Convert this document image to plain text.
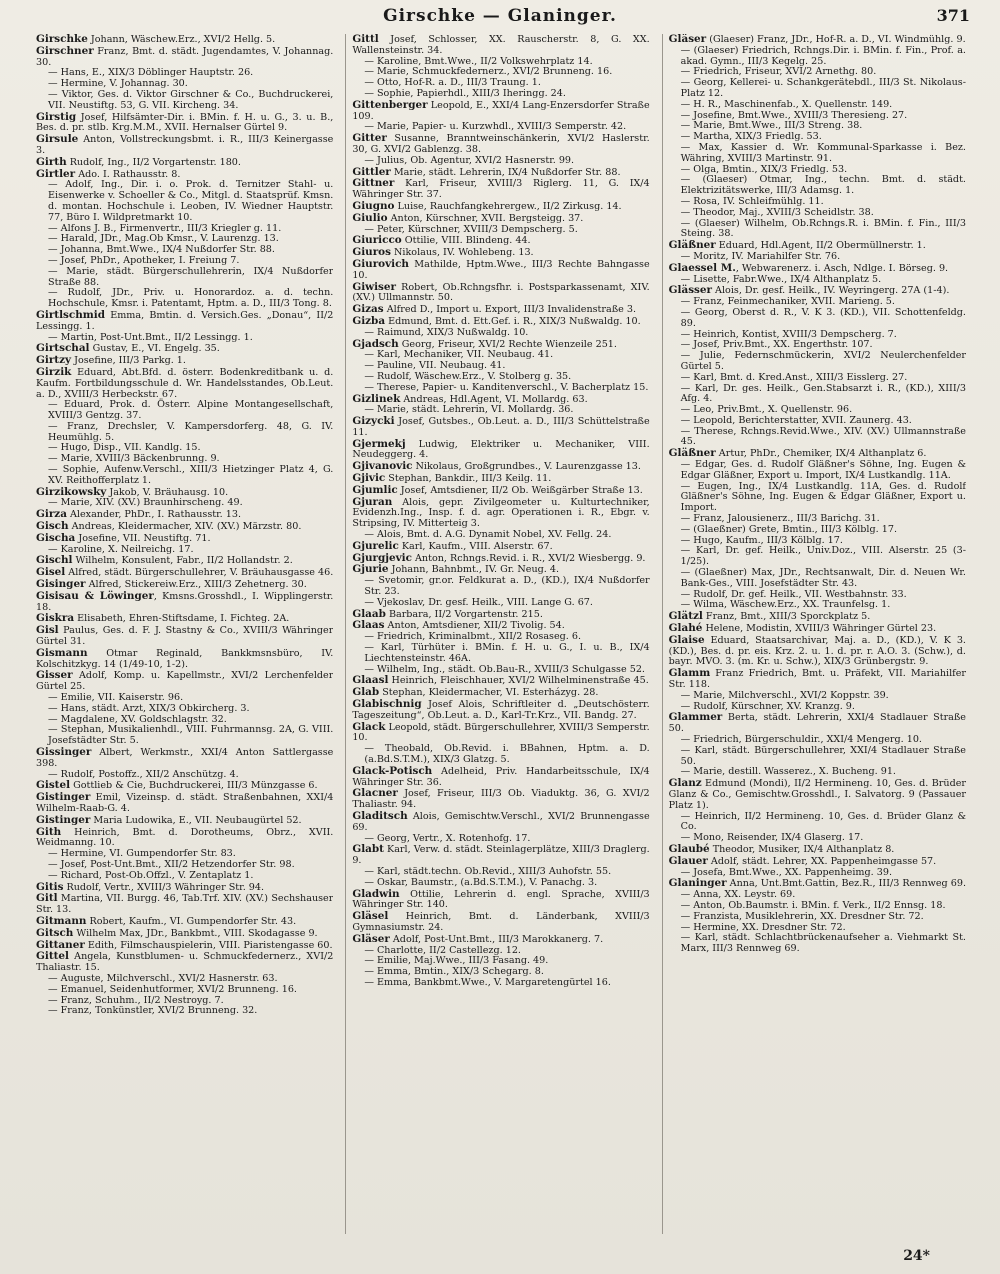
Girschke — Glaninger.	371

Girschke Johann, Wäschew.Erz., XVI/2 Hellg. 5.

Girschner Franz, Bmt. d. städt. Jugendamtes, V. Johannag. 30.

— Hans, E., XIX/3 Döblinger Hauptstr. 26.

— Hermine, V. Johannag. 30.

— Viktor, Ges. d. Viktor Girschner & Co., Buchdruckerei, VII. Neustiftg. 53, G. VII. Kircheng. 34.

Girstig Josef, Hilfsämter-Dir. i. BMin. f. H. u. G., 3. u. B., Bes. d. pr. stlb. Krg.M.M., XVII. Hernalser Gürtel 9.

Girsule Anton, Vollstreckungsbmt. i. R., III/3 Keinergasse 3.

Girth Rudolf, Ing., II/2 Vorgartenstr. 180.

Girtler Ado. I. Rathausstr. 8.

— Adolf, Ing., Dir. i. o. Prok. d. Ternitzer Stahl- u. Eisenwerke v. Schoeller & Co., Mitgl. d. Staatsprüf. Kmsn. d. montan. Hochschule i. Leoben, IV. Wiedner Hauptstr. 77, Büro I. Wildpretmarkt 10.

— Alfons J. B., Firmenvertr., III/3 Kriegler g. 11.

— Harald, JDr., Mag.Ob Kmsr., V. Laurenzg. 13.

— Johanna, Bmt.Wwe., IX/4 Nußdorfer Str. 88.

— Josef, PhDr., Apotheker, I. Freiung 7.

— Marie, städt. Bürgerschullehrerin, IX/4 Nußdorfer Straße 88.

— Rudolf, JDr., Priv. u. Honorardoz. a. d. techn. Hochschule, Kmsr. i. Patentamt, Hptm. a. D., III/3 Tong. 8.

Girtlschmid Emma, Bmtin. d. Versich.Ges. „Donau“, II/2 Lessingg. 1.

— Martin, Post-Unt.Bmt., II/2 Lessingg. 1.

Girtschal Gustav, E., VI. Engelg. 35.

Girtzy Josefine, III/3 Parkg. 1.

Girzik Eduard, Abt.Bfd. d. österr. Bodenkreditbank u. d. Kaufm. Fortbildungsschule d. Wr. Handelsstandes, Ob.Leut. a. D., XVIII/3 Herbeckstr. 67.

— Eduard, Prok. d. Österr. Alpine Montangesellschaft, XVIII/3 Gentzg. 37.

— Franz, Drechsler, V. Kampersdorferg. 48, G. IV. Heumühlg. 5.

— Hugo, Disp., VII. Kandlg. 15.

— Marie, XVIII/3 Bäckenbrunng. 9.

— Sophie, Aufenw.Verschl., XIII/3 Hietzinger Platz 4, G. XV. Reithofferplatz 1.

Girzikowsky Jakob, V. Bräuhausg. 10.

— Marie, XIV. (XV.) Braunhirscheng. 49.

Girza Alexander, PhDr., I. Rathausstr. 13.

Gisch Andreas, Kleidermacher, XIV. (XV.) Märzstr. 80.

Gischa Josefine, VII. Neustiftg. 71.

— Karoline, X. Neilreichg. 17.

Gischl Wilhelm, Konsulent, Fabr., II/2 Hollandstr. 2.

Gisel Alfred, städt. Bürgerschullehrer, V. Bräuhausgasse 46.

Gisinger Alfred, Stickereiw.Erz., XIII/3 Zehetnerg. 30.

Gisisau & Löwinger, Kmsns.Grosshdl., I. Wipplingerstr. 18.

Giskra Elisabeth, Ehren-Stiftsdame, I. Fichteg. 2A.

Gisl Paulus, Ges. d. F. J. Stastny & Co., XVIII/3 Währinger Gürtel 31.

Gismann Otmar Reginald, Bankkmsnsbüro, IV. Kolschitzkyg. 14 (1/49-10, 1-2).

Gisser Adolf, Komp. u. Kapellmstr., XVI/2 Lerchenfelder Gürtel 25.

— Emilie, VII. Kaiserstr. 96.

— Hans, städt. Arzt, XIX/3 Obkircherg. 3.

— Magdalene, XV. Goldschlagstr. 32.

— Stephan, Musikalienhdl., VIII. Fuhrmannsg. 2A, G. VIII. Josefstädter Str. 5.

Gissinger Albert, Werkmstr., XXI/4 Anton Sattlergasse 398.

— Rudolf, Postoffz., XII/2 Anschützg. 4.

Gistel Gottlieb & Cie, Buchdruckerei, III/3 Münzgasse 6.

Gistinger Emil, Vizeinsp. d. städt. Straßenbahnen, XXI/4 Wilhelm-Raab-G. 4.

Gistinger Maria Ludowika, E., VII. Neubaugürtel 52.

Gith Heinrich, Bmt. d. Dorotheums, Obrz., XVII. Weidmanng. 10.

— Hermine, VI. Gumpendorfer Str. 83.

— Josef, Post-Unt.Bmt., XII/2 Hetzendorfer Str. 98.

— Richard, Post-Ob.Offzl., V. Zentaplatz 1.

Gitis Rudolf, Vertr., XVIII/3 Währinger Str. 94.

Gitl Martina, VII. Burgg. 46, Tab.Trf. XIV. (XV.) Sechshauser Str. 13.

Gitmann Robert, Kaufm., VI. Gumpendorfer Str. 43.

Gitsch Wilhelm Max, JDr., Bankbmt., VIII. Skodagasse 9.

Gittaner Edith, Filmschauspielerin, VIII. Piaristengasse 60.

Gittel Angela, Kunstblumen- u. Schmuckfedernerz., XVI/2 Thaliastr. 15.

— Auguste, Milchverschl., XVI/2 Hasnerstr. 63.

— Emanuel, Seidenhutformer, XVI/2 Brunneng. 16.

— Franz, Schuhm., II/2 Nestroyg. 7.

— Franz, Tonkünstler, XVI/2 Brunneng. 32.

Gittl Josef, Schlosser, XX. Rauscherstr. 8, G. XX. Wallensteinstr. 34.

— Karoline, Bmt.Wwe., II/2 Volkswehrplatz 14.

— Marie, Schmuckfedernerz., XVI/2 Brunneng. 16.

— Otto, Hof-R. a. D., III/3 Traung. 1.

— Sophie, Papierhdl., XIII/3 Iheringg. 24.

Gittenberger Leopold, E., XXI/4 Lang-Enzersdorfer Straße 109.

— Marie, Papier- u. Kurzwhdl., XVIII/3 Semperstr. 42.

Gitter Susanne, Branntweinschänkerin, XVI/2 Haslerstr. 30, G. XVI/2 Gablenzg. 38.

— Julius, Ob. Agentur, XVI/2 Hasnerstr. 99.

Gittler Marie, städt. Lehrerin, IX/4 Nußdorfer Str. 88.

Gittner Karl, Friseur, XVIII/3 Riglerg. 11, G. IX/4 Währinger Str. 37.

Giugno Luise, Rauchfangkehrergew., II/2 Zirkusg. 14.

Giulio Anton, Kürschner, XVII. Bergsteigg. 37.

— Peter, Kürschner, XVIII/3 Dempscherg. 5.

Giuricco Ottilie, VIII. Blindeng. 44.

Giuros Nikolaus, IV. Wohlebeng. 13.

Giurovich Mathilde, Hptm.Wwe., III/3 Rechte Bahngasse 10.

Giwiser Robert, Ob.Rchngsfhr. i. Postsparkassenamt, XIV. (XV.) Ullmannstr. 50.

Gizas Alfred D., Import u. Export, III/3 Invalidenstraße 3.

Gizba Edmund, Bmt. d. Ett.Gef. i. R., XIX/3 Nußwaldg. 10.

— Raimund, XIX/3 Nußwaldg. 10.

Gjadsch Georg, Friseur, XVI/2 Rechte Wienzeile 251.

— Karl, Mechaniker, VII. Neubaug. 41.

— Pauline, VII. Neubaug. 41.

— Rudolf, Wäschew.Erz., V. Stolberg g. 35.

— Therese, Papier- u. Kanditenverschl., V. Bacherplatz 15.

Gizlinek Andreas, Hdl.Agent, VI. Mollardg. 63.

— Marie, städt. Lehrerin, VI. Mollardg. 36.

Gizycki Josef, Gutsbes., Ob.Leut. a. D., III/3 Schüttelstraße 11.

Gjermekj Ludwig, Elektriker u. Mechaniker, VIII. Neudeggerg. 4.

Gjivanovic Nikolaus, Großgrundbes., V. Laurenzgasse 13.

Gjivic Stephan, Bankdir., III/3 Keilg. 11.

Gjumlic Josef, Amtsdiener, II/2 Ob. Weißgärber Straße 13.

Gjuran Alois, gepr. Zivilgeometer u. Kulturtechniker, Evidenzh.Ing., Insp. f. d. agr. Operationen i. R., Ebgr. v. Stripsing, IV. Mitterteig 3.

— Alois, Bmt. d. A.G. Dynamit Nobel, XV. Fellg. 24.

Gjurelic Karl, Kaufm., VIII. Alserstr. 67.

Gjurgjevic Anton, Rchngs.Revid. i. R., XVI/2 Wiesbergg. 9.

Gjurie Johann, Bahnbmt., IV. Gr. Neug. 4.

— Svetomir, gr.or. Feldkurat a. D., (KD.), IX/4 Nußdorfer Str. 23.

— Vjekoslav, Dr. gesf. Heilk., VIII. Lange G. 67.

Glaab Barbara, II/2 Vorgartenstr. 215.

Glaas Anton, Amtsdiener, XII/2 Tivolig. 54.

— Friedrich, Kriminalbmt., XII/2 Rosaseg. 6.

— Karl, Türhüter i. BMin. f. H. u. G., I. u. B., IX/4 Liechtensteinstr. 46A.

— Wilhelm, Ing., städt. Ob.Bau-R., XVIII/3 Schulgasse 52.

Glaasl Heinrich, Fleischhauer, XVI/2 Wilhelminenstraße 45.

Glab Stephan, Kleidermacher, VI. Esterházyg. 28.

Glabischnig Josef Alois, Schriftleiter d. „Deutschösterr. Tageszeitung“, Ob.Leut. a. D., Karl-Tr.Krz., VII. Bandg. 27.

Glack Leopold, städt. Bürgerschullehrer, XVIII/3 Semperstr. 10.

— Theobald, Ob.Revid. i. BBahnen, Hptm. a. D. (a.Bd.S.T.M.), XIX/3 Glatzg. 5.

Glack-Potisch Adelheid, Priv. Handarbeitsschule, IX/4 Währinger Str. 36.

Glacner Josef, Friseur, III/3 Ob. Viaduktg. 36, G. XVI/2 Thaliastr. 94.

Gladitsch Alois, Gemischtw.Verschl., XVI/2 Brunnengasse 69.

— Georg, Vertr., X. Rotenhofg. 17.

Glabt Karl, Verw. d. städt. Steinlagerplätze, XIII/3 Draglerg. 9.

— Karl, städt.techn. Ob.Revid., XIII/3 Auhofstr. 55.

— Oskar, Baumstr., (a.Bd.S.T.M.), V. Panachg. 3.

Gladwin Ottilie, Lehrerin d. engl. Sprache, XVIII/3 Währinger Str. 140.

Gläsel Heinrich, Bmt. d. Länderbank, XVIII/3 Gymnasiumstr. 24.

Gläser Adolf, Post-Unt.Bmt., III/3 Marokkanerg. 7.

— Charlotte, II/2 Castellezg. 12.

— Emilie, Maj.Wwe., III/3 Fasang. 49.

— Emma, Bmtin., XIX/3 Schegarg. 8.

— Emma, Bankbmt.Wwe., V. Margaretengürtel 16.

Gläser (Glaeser) Franz, JDr., Hof-R. a. D., VI. Windmühlg. 9.

— (Glaeser) Friedrich, Rchngs.Dir. i. BMin. f. Fin., Prof. a. akad. Gymn., III/3 Kegelg. 25.

— Friedrich, Friseur, XVI/2 Arnethg. 80.

— Georg, Kellerei- u. Schankgerätebdl., III/3 St. Nikolaus-Platz 12.

— H. R., Maschinenfab., X. Quellenstr. 149.

— Josefine, Bmt.Wwe., XVIII/3 Theresieng. 27.

— Marie, Bmt.Wwe., III/3 Streng. 38.

— Martha, XIX/3 Friedlg. 53.

— Max, Kassier d. Wr. Kommunal-Sparkasse i. Bez. Währing, XVIII/3 Martinstr. 91.

— Olga, Bmtin., XIX/3 Friedlg. 53.

— (Glaeser) Otmar, Ing., techn. Bmt. d. städt. Elektrizitätswerke, III/3 Adamsg. 1.

— Rosa, IV. Schleifmühlg. 11.

— Theodor, Maj., XVIII/3 Scheidlstr. 38.

— (Glaeser) Wilhelm, Ob.Rchngs.R. i. BMin. f. Fin., III/3 Steing. 38.

Gläßner Eduard, Hdl.Agent, II/2 Obermüllnerstr. 1.

— Moritz, IV. Mariahilfer Str. 76.

Glaessel M., Webwarenerz. i. Asch, Ndlge. I. Börseg. 9.

— Lisette, Fabr.Wwe., IX/4 Althanplatz 5.

Glässer Alois, Dr. gesf. Heilk., IV. Weyringerg. 27A (1-4).

— Franz, Feinmechaniker, XVII. Marieng. 5.

— Georg, Oberst d. R., V. K 3. (KD.), VII. Schottenfeldg. 89.

— Heinrich, Kontist, XVIII/3 Dempscherg. 7.

— Josef, Priv.Bmt., XX. Engerthstr. 107.

— Julie, Federnschmückerin, XVI/2 Neulerchenfelder Gürtel 5.

— Karl, Bmt. d. Kred.Anst., XIII/3 Eisslerg. 27.

— Karl, Dr. ges. Heilk., Gen.Stabsarzt i. R., (KD.), XIII/3 Afg. 4.

— Leo, Priv.Bmt., X. Quellenstr. 96.

— Leopold, Berichterstatter, XVII. Zaunerg. 43.

— Therese, Rchngs.Revid.Wwe., XIV. (XV.) Ullmannstraße 45.

Gläßner Artur, PhDr., Chemiker, IX/4 Althanplatz 6.

— Edgar, Ges. d. Rudolf Gläßner's Söhne, Ing. Eugen & Edgar Gläßner, Export u. Import, IX/4 Lustkandlg. 11A.

— Eugen, Ing., IX/4 Lustkandlg. 11A, Ges. d. Rudolf Gläßner's Söhne, Ing. Eugen & Edgar Gläßner, Export u. Import.

— Franz, Jalousienerz., III/3 Barichg. 31.

— (Glaeßner) Grete, Bmtin., III/3 Kölblg. 17.

— Hugo, Kaufm., III/3 Kölblg. 17.

— Karl, Dr. gef. Heilk., Univ.Doz., VIII. Alserstr. 25 (3-1/25).

— (Glaeßner) Max, JDr., Rechtsanwalt, Dir. d. Neuen Wr. Bank-Ges., VIII. Josefstädter Str. 43.

— Rudolf, Dr. gef. Heilk., VII. Westbahnstr. 33.

— Wilma, Wäschew.Erz., XX. Traunfelsg. 1.

Glätzl Franz, Bmt., XIII/3 Sporckplatz 5.

Glahé Helene, Modistin, XVIII/3 Währinger Gürtel 23.

Glaise Eduard, Staatsarchivar, Maj. a. D., (KD.), V. K 3. (KD.), Bes. d. pr. eis. Krz. 2. u. 1. d. pr. r. A.O. 3. (Schw.), d. bayr. MVO. 3. (m. Kr. u. Schw.), XIX/3 Grünbergstr. 9.

Glamm Franz Friedrich, Bmt. u. Präfekt, VII. Mariahilfer Str. 118.

— Marie, Milchverschl., XVI/2 Koppstr. 39.

— Rudolf, Kürschner, XV. Kranzg. 9.

Glammer Berta, städt. Lehrerin, XXI/4 Stadlauer Straße 50.

— Friedrich, Bürgerschuldir., XXI/4 Mengerg. 10.

— Karl, städt. Bürgerschullehrer, XXI/4 Stadlauer Straße 50.

— Marie, destill. Wasserez., X. Bucheng. 91.

Glanz Edmund (Mondi), II/2 Hermineng. 10, Ges. d. Brüder Glanz & Co., Gemischtw.Grosshdl., I. Salvatorg. 9 (Passauer Platz 1).

— Heinrich, II/2 Hermineng. 10, Ges. d. Brüder Glanz & Co.

— Mono, Reisender, IX/4 Glaserg. 17.

Glaubé Theodor, Musiker, IX/4 Althanplatz 8.

Glauer Adolf, städt. Lehrer, XX. Pappenheimgasse 57.

— Josefa, Bmt.Wwe., XX. Pappenheimg. 39.

Glaninger Anna, Unt.Bmt.Gattin, Bez.R., III/3 Rennweg 69.

— Anna, XX. Leystr. 69.

— Anton, Ob.Baumstr. i. BMin. f. Verk., II/2 Ennsg. 18.

— Franzista, Musiklehrerin, XX. Dresdner Str. 72.

— Hermine, XX. Dresdner Str. 72.

— Karl, städt. Schlachtbrückenaufseher a. Viehmarkt St. Marx, III/3 Rennweg 69.

24*
